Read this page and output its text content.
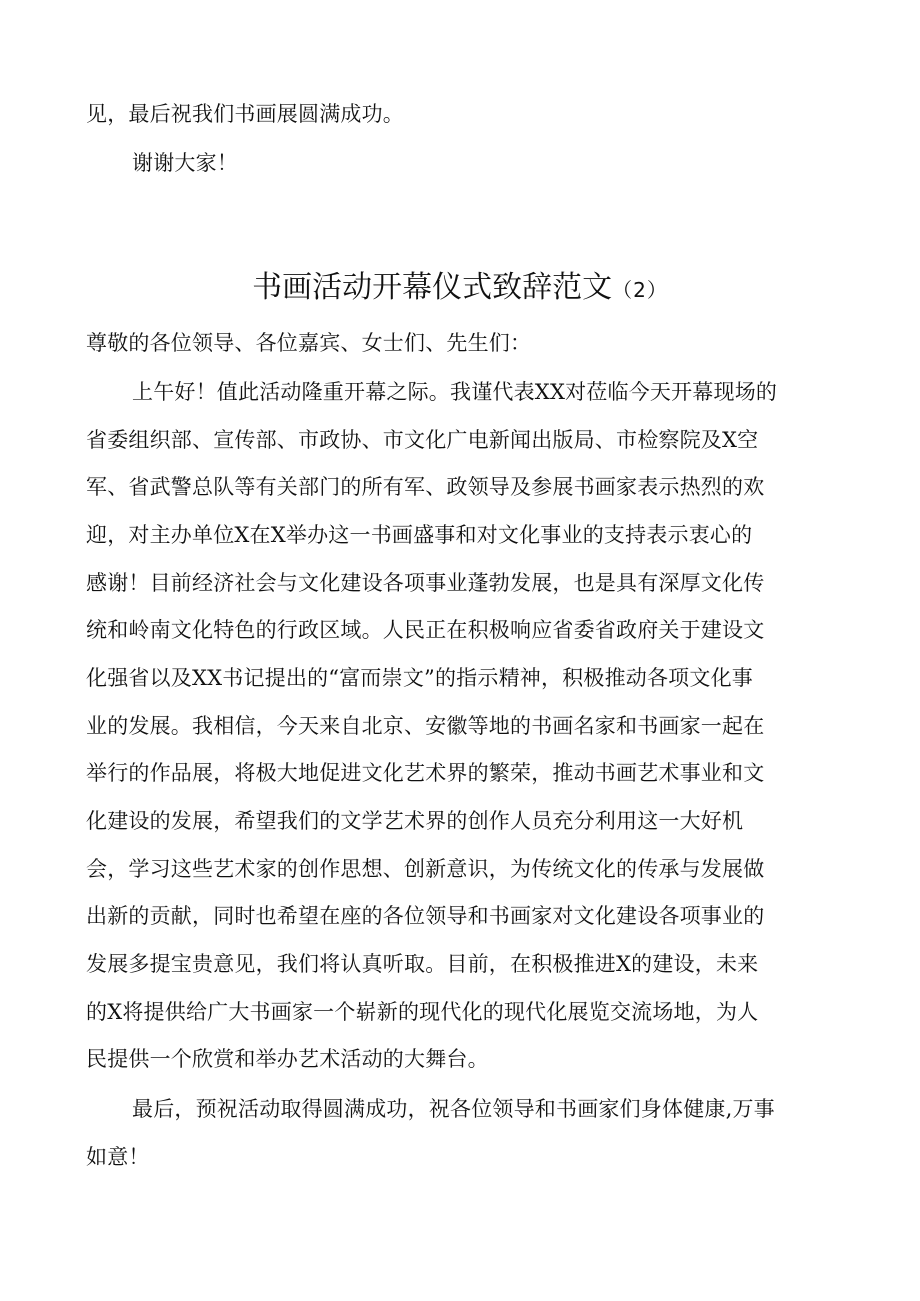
见，最后祝我们书画展圆满成功。
谢谢大家！
书画活动开幕仪式致辞范文（2）
尊敬的各位领导、各位嘉宾、女士们、先生们：
上午好！值此活动隆重开幕之际。我谨代表XX对莅临今天开幕现场的
省委组织部、宣传部、市政协、市文化广电新闻出版局、市检察院及X空
军、省武警总队等有关部门的所有军、政领导及参展书画家表示热烈的欢
迎，对主办单位X在X举办这一书画盛事和对文化事业的支持表示衷心的
感谢！目前经济社会与文化建设各项事业蓬勃发展，也是具有深厚文化传
统和岭南文化特色的行政区域。人民正在积极响应省委省政府关于建设文
化强省以及XX书记提出的“富而崇文”的指示精神，积极推动各项文化事
业的发展。我相信，今天来自北京、安徽等地的书画名家和书画家一起在
举行的作品展，将极大地促进文化艺术界的繁荣，推动书画艺术事业和文
化建设的发展，希望我们的文学艺术界的创作人员充分利用这一大好机
会，学习这些艺术家的创作思想、创新意识，为传统文化的传承与发展做
出新的贡献，同时也希望在座的各位领导和书画家对文化建设各项事业的
发展多提宝贵意见，我们将认真听取。目前，在积极推进X的建设，未来
的X将提供给广大书画家一个崭新的现代化的现代化展览交流场地，为人
民提供一个欣赏和举办艺术活动的大舞台。
最后，预祝活动取得圆满成功，祝各位领导和书画家们身体健康,万事
如意！
